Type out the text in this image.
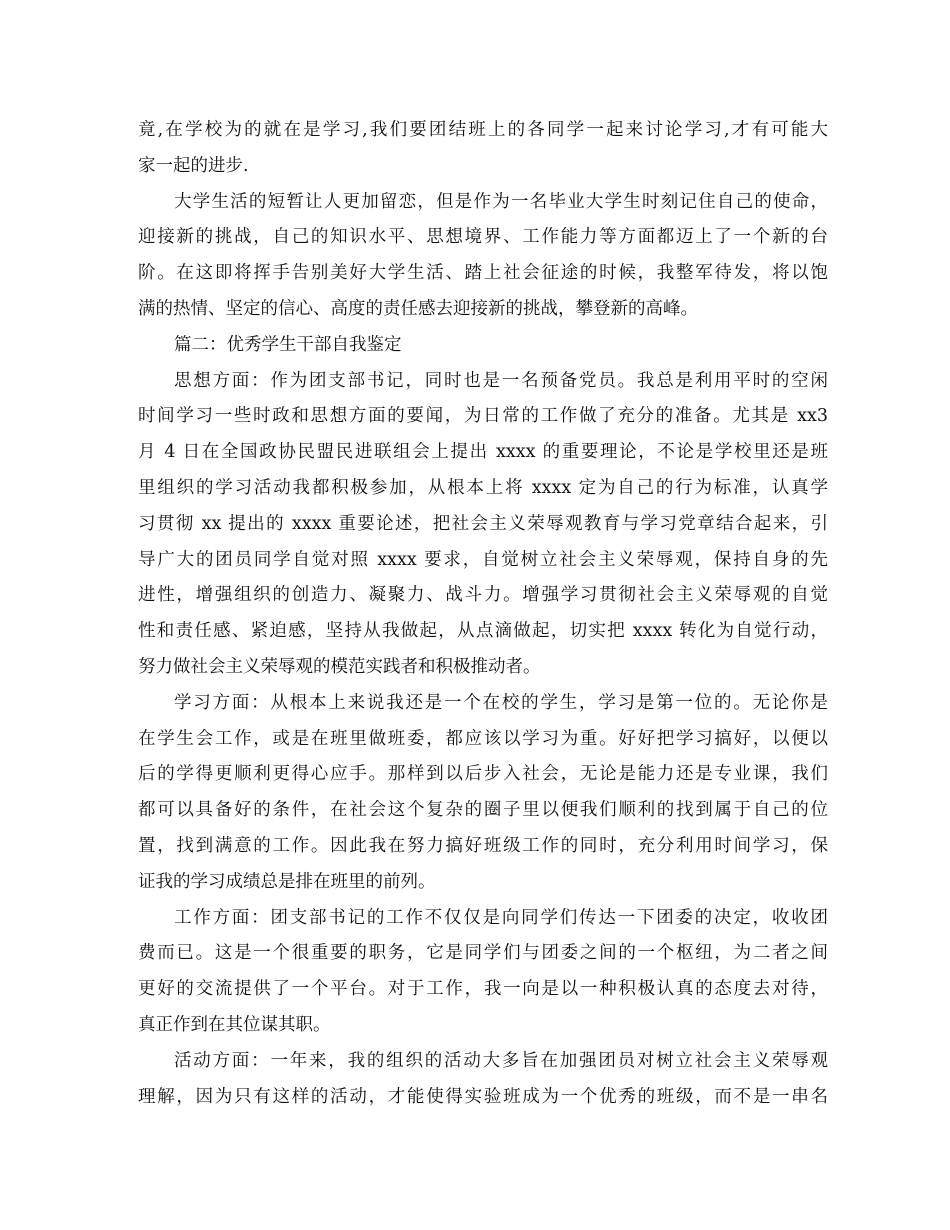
竟,在学校为的就在是学习,我们要团结班上的各同学一起来讨论学习,才有可能大
家一起的进步.
大学生活的短暂让人更加留恋，但是作为一名毕业大学生时刻记住自己的使命，
迎接新的挑战，自己的知识水平、思想境界、工作能力等方面都迈上了一个新的台
阶。在这即将挥手告别美好大学生活、踏上社会征途的时候，我整军待发，将以饱
满的热情、坚定的信心、高度的责任感去迎接新的挑战，攀登新的高峰。
篇二：优秀学生干部自我鉴定
思想方面：作为团支部书记，同时也是一名预备党员。我总是利用平时的空闲
时间学习一些时政和思想方面的要闻，为日常的工作做了充分的准备。尤其是 xx3
月 4 日在全国政协民盟民进联组会上提出 xxxx 的重要理论，不论是学校里还是班
里组织的学习活动我都积极参加，从根本上将 xxxx 定为自己的行为标准，认真学
习贯彻 xx 提出的 xxxx 重要论述，把社会主义荣辱观教育与学习党章结合起来，引
导广大的团员同学自觉对照 xxxx 要求，自觉树立社会主义荣辱观，保持自身的先
进性，增强组织的创造力、凝聚力、战斗力。增强学习贯彻社会主义荣辱观的自觉
性和责任感、紧迫感，坚持从我做起，从点滴做起，切实把 xxxx 转化为自觉行动，
努力做社会主义荣辱观的模范实践者和积极推动者。
学习方面：从根本上来说我还是一个在校的学生，学习是第一位的。无论你是
在学生会工作，或是在班里做班委，都应该以学习为重。好好把学习搞好，以便以
后的学得更顺利更得心应手。那样到以后步入社会，无论是能力还是专业课，我们
都可以具备好的条件，在社会这个复杂的圈子里以便我们顺利的找到属于自己的位
置，找到满意的工作。因此我在努力搞好班级工作的同时，充分利用时间学习，保
证我的学习成绩总是排在班里的前列。
工作方面：团支部书记的工作不仅仅是向同学们传达一下团委的决定，收收团
费而已。这是一个很重要的职务，它是同学们与团委之间的一个枢纽，为二者之间
更好的交流提供了一个平台。对于工作，我一向是以一种积极认真的态度去对待，
真正作到在其位谋其职。
活动方面：一年来，我的组织的活动大多旨在加强团员对树立社会主义荣辱观
理解，因为只有这样的活动，才能使得实验班成为一个优秀的班级，而不是一串名
